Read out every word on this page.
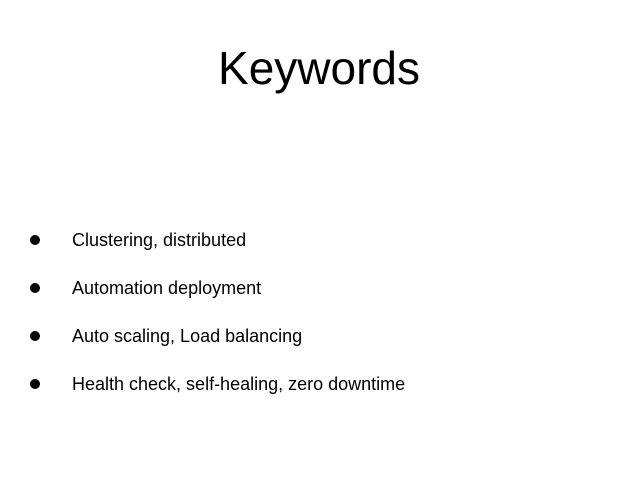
Keywords
Clustering, distributed
Automation deployment
Auto scaling, Load balancing
Health check, self-healing, zero downtime
